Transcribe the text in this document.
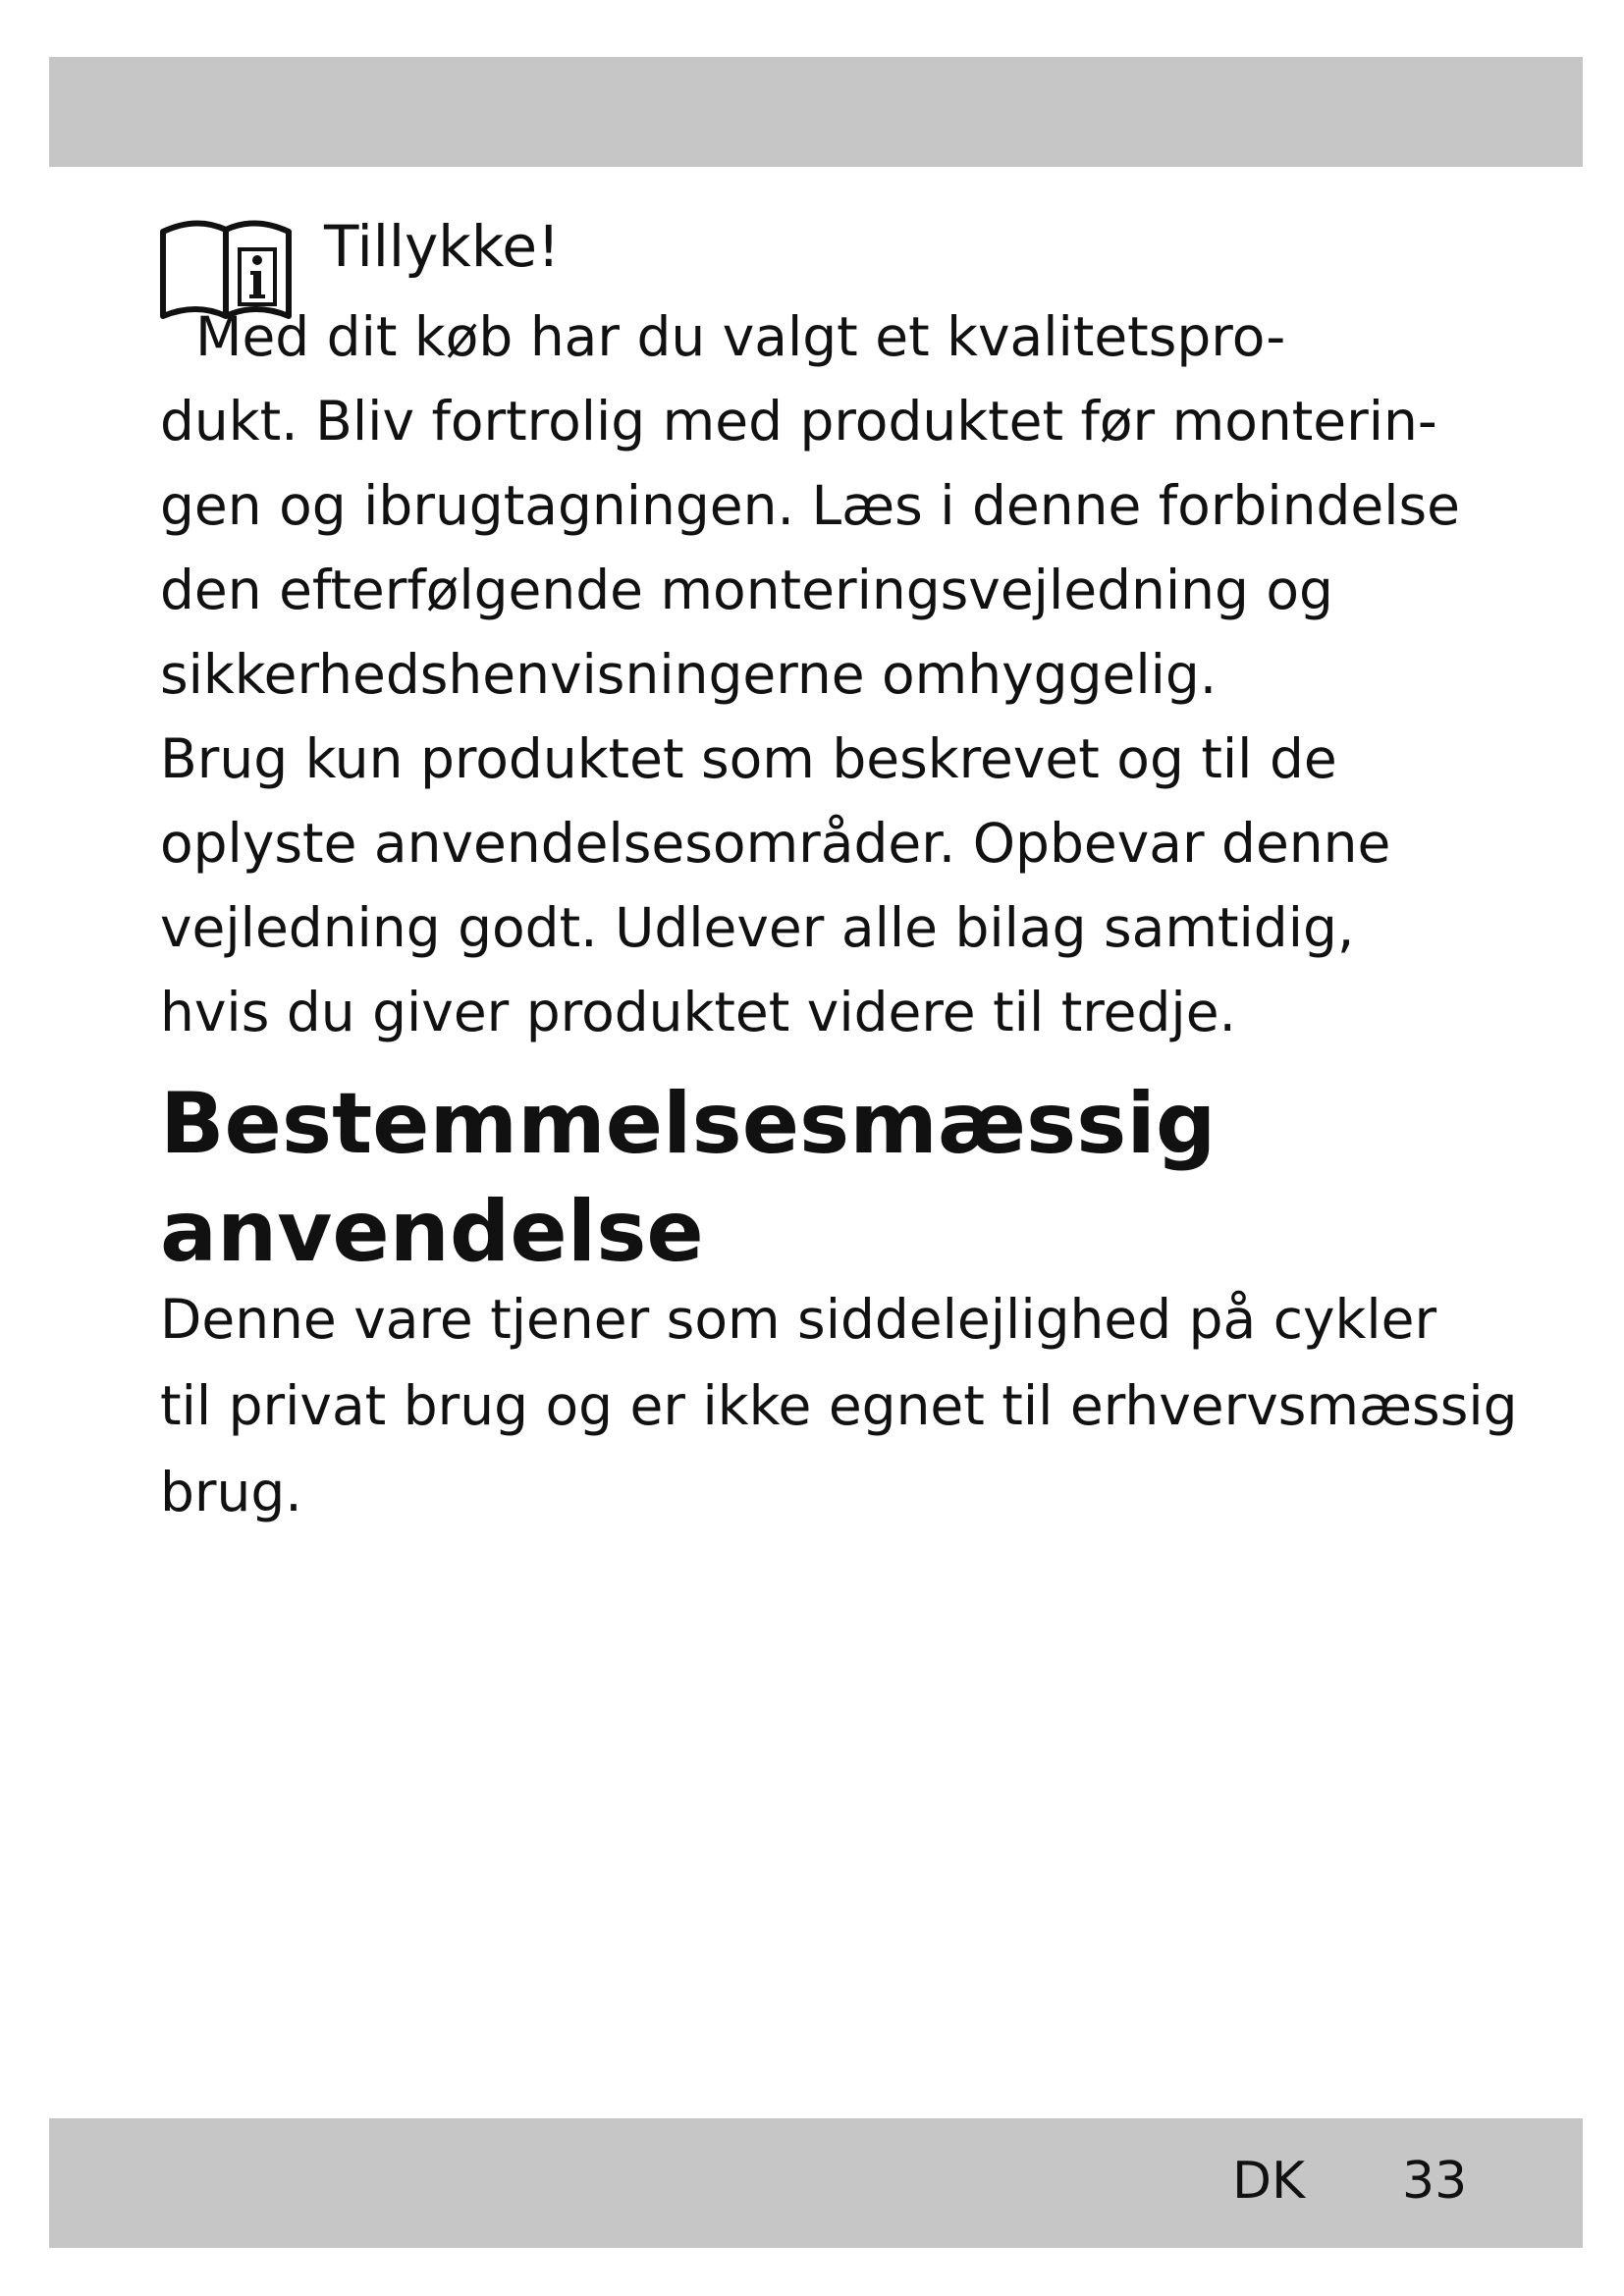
Tillykke!
Med dit køb har du valgt et kvalitetspro-
dukt. Bliv fortrolig med produktet før monterin-
gen og ibrugtagningen. Læs i denne forbindelse
den efterfølgende monteringsvejledning og
sikkerhedshenvisningerne omhyggelig.
Brug kun produktet som beskrevet og til de
oplyste anvendelsesområder. Opbevar denne
vejledning godt. Udlever alle bilag samtidig,
hvis du giver produktet videre til tredje.
Bestemmelsesmæssig
anvendelse
Denne vare tjener som siddelejlighed på cykler
til privat brug og er ikke egnet til erhvervsmæssig
brug.
DK 33
